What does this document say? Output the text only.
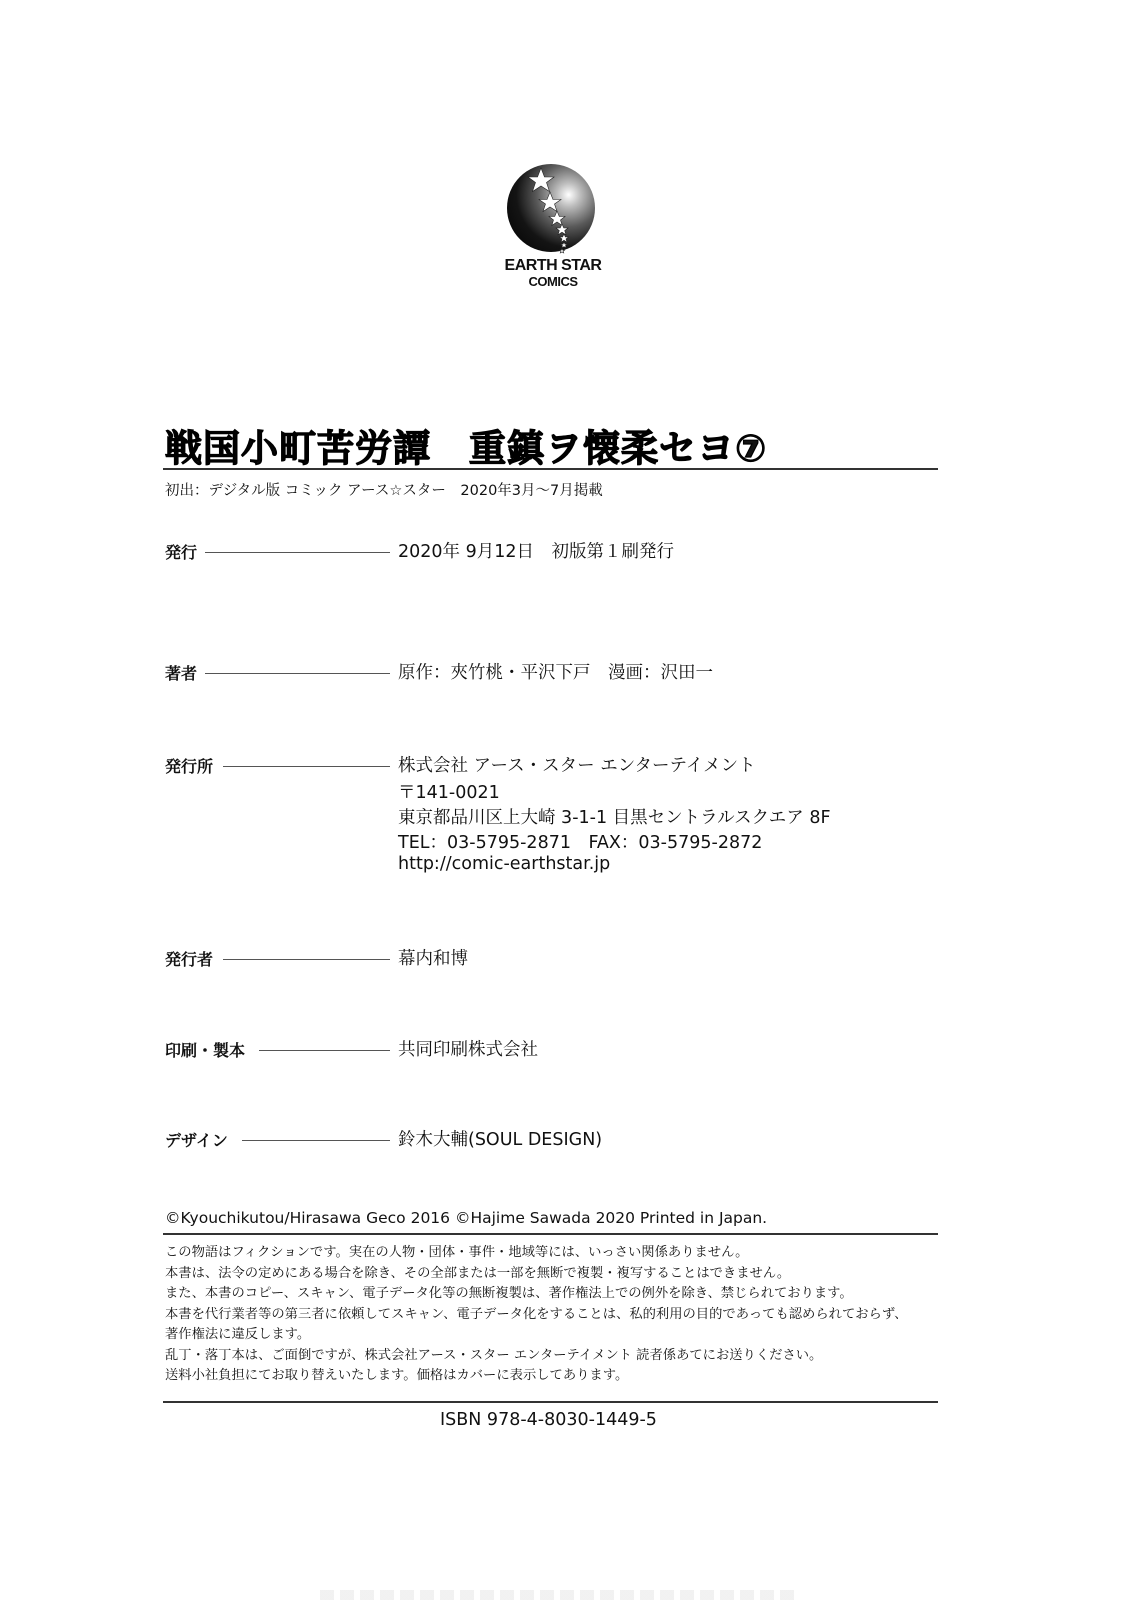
EARTH STAR
COMICS
戦国小町苦労譚　重鎮ヲ懐柔セヨ⑦
初出：デジタル版 コミック アース☆スター　2020年3月〜7月掲載
発行	2020年 9月12日　初版第１刷発行
著者	原作：夾竹桃・平沢下戸　漫画：沢田一
発行所	株式会社 アース・スター エンターテイメント
〒141-0021
東京都品川区上大崎 3-1-1 目黒セントラルスクエア 8F
TEL：03-5795-2871　FAX：03-5795-2872
http://comic-earthstar.jp
発行者	幕内和博
印刷・製本	共同印刷株式会社
デザイン	鈴木大輔(SOUL DESIGN)
©Kyouchikutou/Hirasawa Geco 2016 ©Hajime Sawada 2020 Printed in Japan.
この物語はフィクションです。実在の人物・団体・事件・地域等には、いっさい関係ありません。
本書は、法令の定めにある場合を除き、その全部または一部を無断で複製・複写することはできません。
また、本書のコピー、スキャン、電子データ化等の無断複製は、著作権法上での例外を除き、禁じられております。
本書を代行業者等の第三者に依頼してスキャン、電子データ化をすることは、私的利用の目的であっても認められておらず、
著作権法に違反します。
乱丁・落丁本は、ご面倒ですが、株式会社アース・スター エンターテイメント 読者係あてにお送りください。
送料小社負担にてお取り替えいたします。価格はカバーに表示してあります。
ISBN 978-4-8030-1449-5
